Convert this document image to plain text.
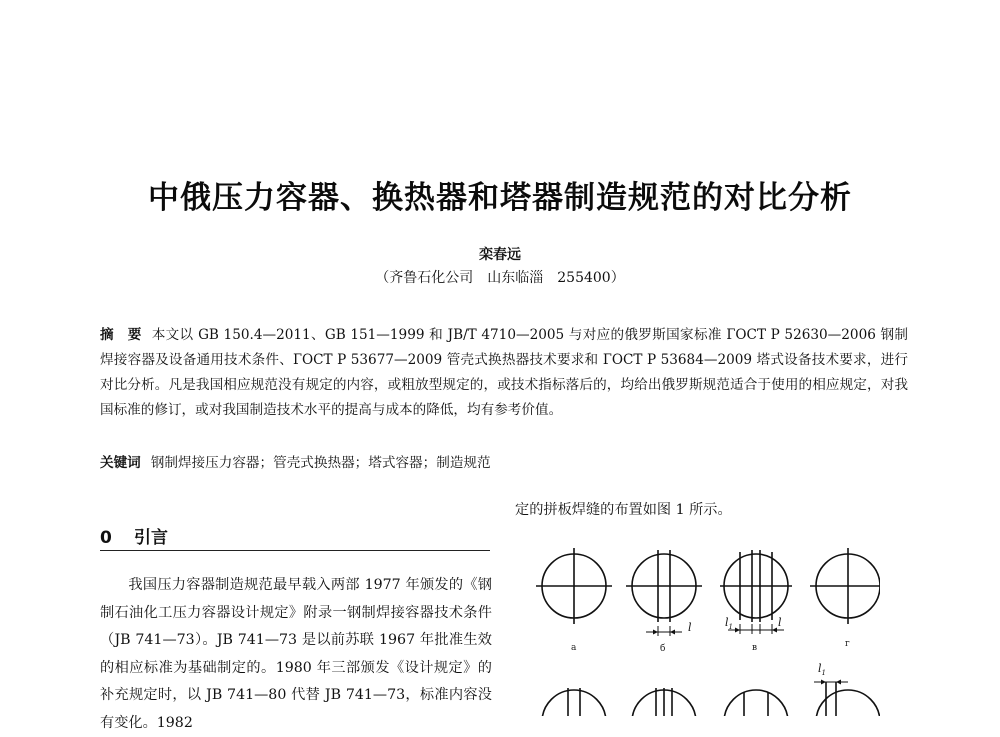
中俄压力容器、换热器和塔器制造规范的对比分析
栾春远
（齐鲁石化公司　山东临淄　255400）
摘　要 本文以 GB 150.4—2011、GB 151—1999 和 JB/T 4710—2005 与对应的俄罗斯国家标准 ГОСТ Р 52630—2006 钢制焊接容器及设备通用技术条件、ГОСТ Р 53677—2009 管壳式换热器技术要求和 ГОСТ Р 53684—2009 塔式设备技术要求，进行对比分析。凡是我国相应规范没有规定的内容，或粗放型规定的，或技术指标落后的，均给出俄罗斯规范适合于使用的相应规定，对我国标准的修订，或对我国制造技术水平的提高与成本的降低，均有参考价值。
关键词 钢制焊接压力容器；管壳式换热器；塔式容器；制造规范
0 引言
我国压力容器制造规范最早载入两部 1977 年颁发的《钢制石油化工压力容器设计规定》附录一钢制焊接容器技术条件（JB 741—73）。JB 741—73 是以前苏联 1967 年批准生效的相应标准为基础制定的。1980 年三部颁发《设计规定》的补充规定时，以 JB 741—80 代替 JB 741—73，标准内容没有变化。1982
定的拼板焊缝的布置如图 1 所示。
a	б	в	г
l	$l_1$	l
$l_1$
